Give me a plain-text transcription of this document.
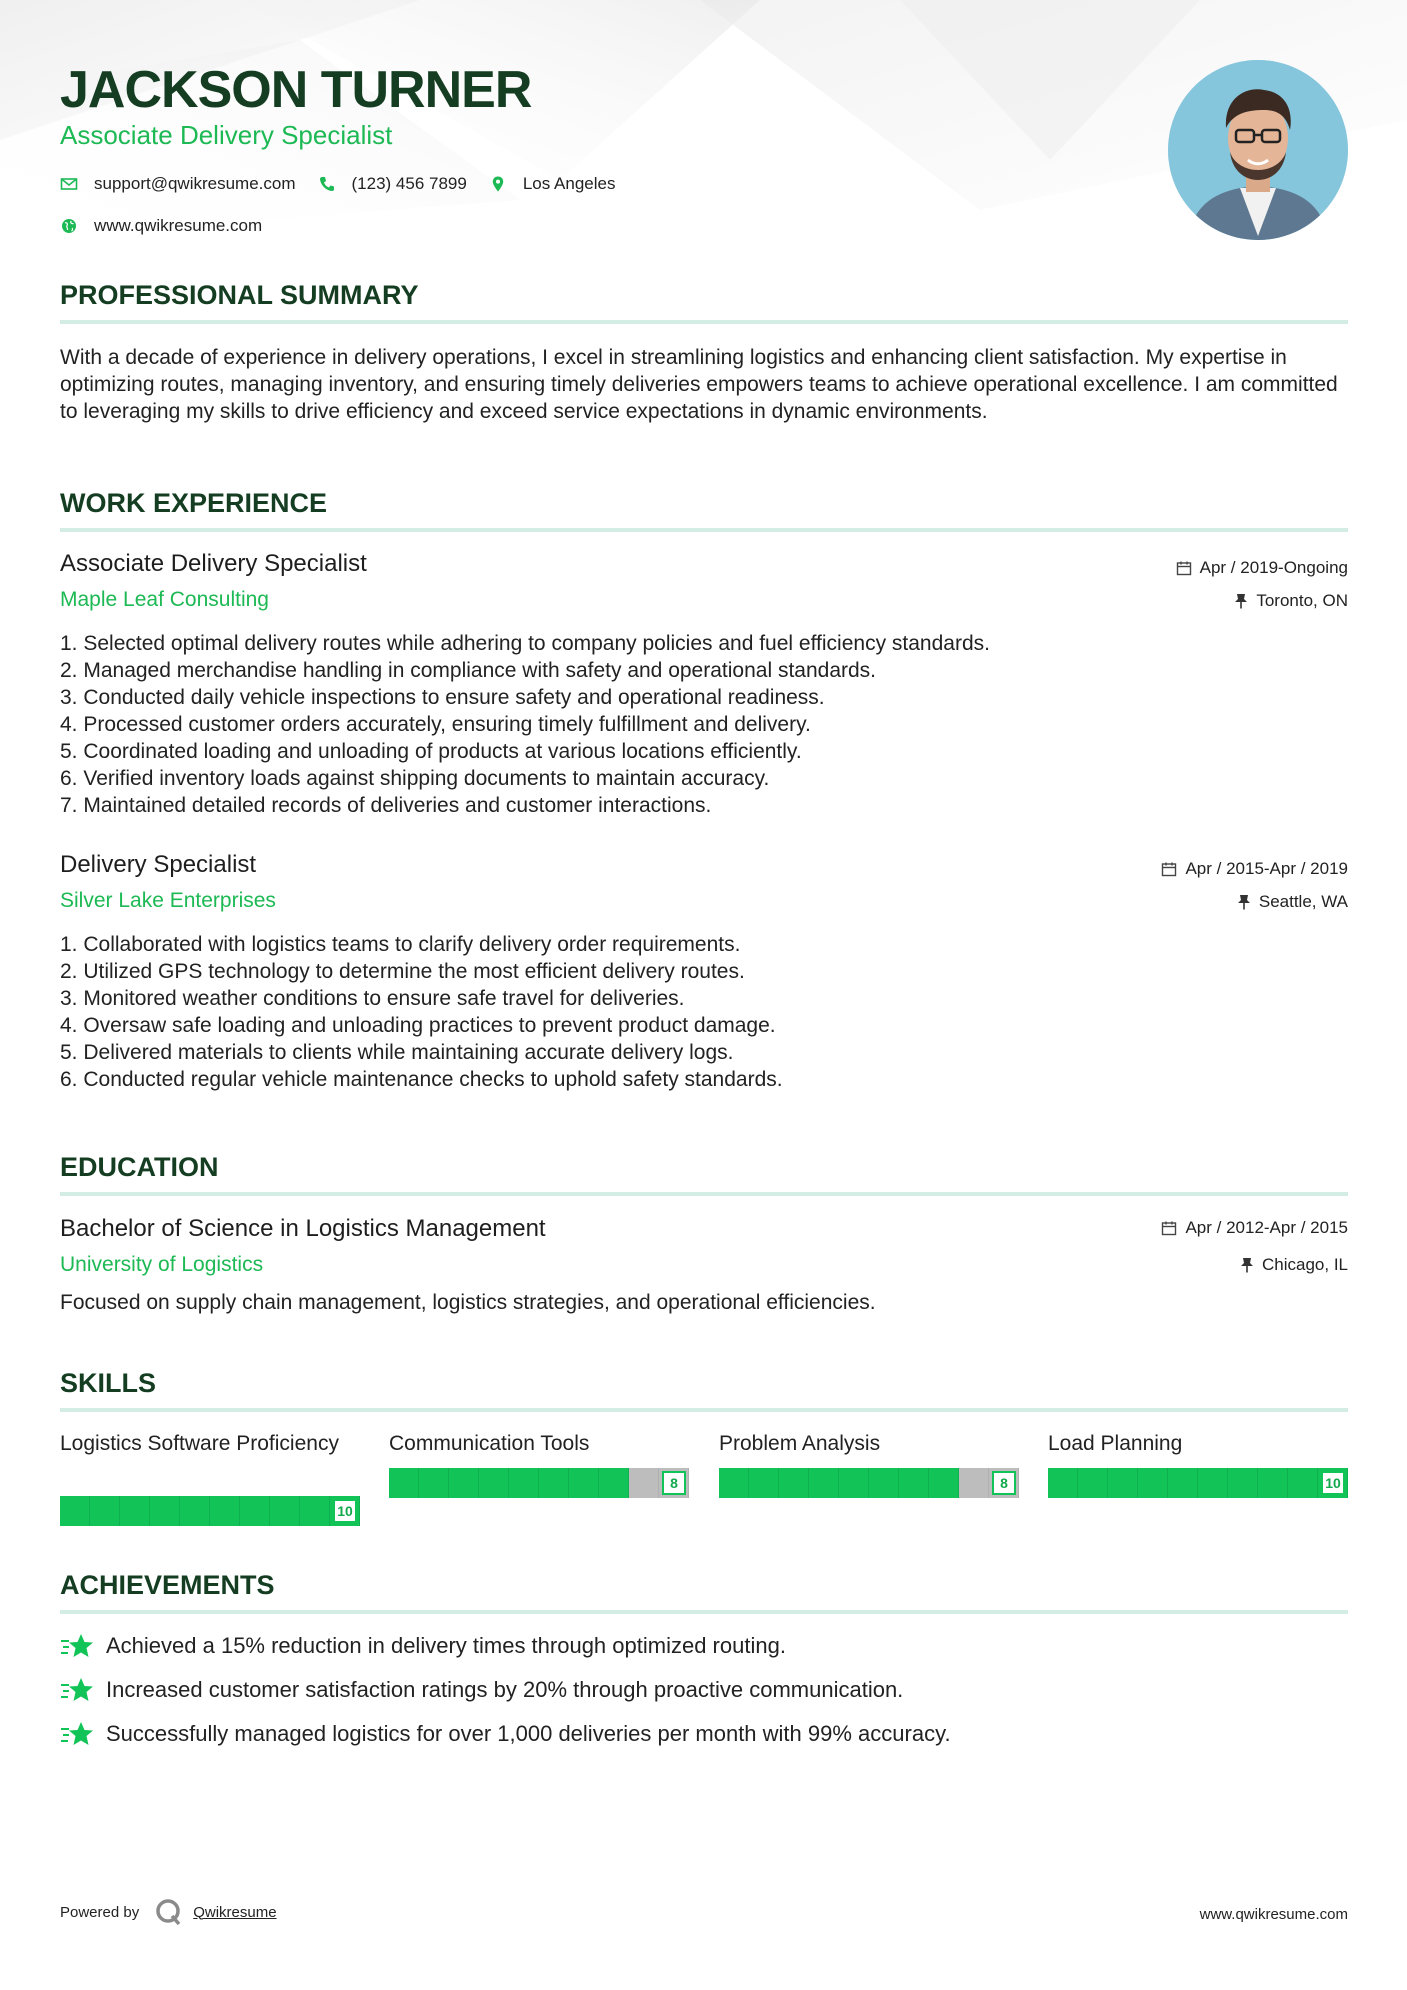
JACKSON TURNER
Associate Delivery Specialist
support@qwikresume.com	(123) 456 7899	Los Angeles
www.qwikresume.com
PROFESSIONAL SUMMARY
With a decade of experience in delivery operations, I excel in streamlining logistics and enhancing client satisfaction. My expertise in optimizing routes, managing inventory, and ensuring timely deliveries empowers teams to achieve operational excellence. I am committed to leveraging my skills to drive efficiency and exceed service expectations in dynamic environments.
WORK EXPERIENCE
Associate Delivery Specialist
Maple Leaf Consulting
Apr / 2019-Ongoing
Toronto, ON
1. Selected optimal delivery routes while adhering to company policies and fuel efficiency standards.
2. Managed merchandise handling in compliance with safety and operational standards.
3. Conducted daily vehicle inspections to ensure safety and operational readiness.
4. Processed customer orders accurately, ensuring timely fulfillment and delivery.
5. Coordinated loading and unloading of products at various locations efficiently.
6. Verified inventory loads against shipping documents to maintain accuracy.
7. Maintained detailed records of deliveries and customer interactions.
Delivery Specialist
Silver Lake Enterprises
Apr / 2015-Apr / 2019
Seattle, WA
1. Collaborated with logistics teams to clarify delivery order requirements.
2. Utilized GPS technology to determine the most efficient delivery routes.
3. Monitored weather conditions to ensure safe travel for deliveries.
4. Oversaw safe loading and unloading practices to prevent product damage.
5. Delivered materials to clients while maintaining accurate delivery logs.
6. Conducted regular vehicle maintenance checks to uphold safety standards.
EDUCATION
Bachelor of Science in Logistics Management
University of Logistics
Apr / 2012-Apr / 2015
Chicago, IL
Focused on supply chain management, logistics strategies, and operational efficiencies.
SKILLS
Logistics Software Proficiency
10
Communication Tools
8
Problem Analysis
8
Load Planning
10
ACHIEVEMENTS
Achieved a 15% reduction in delivery times through optimized routing.
Increased customer satisfaction ratings by 20% through proactive communication.
Successfully managed logistics for over 1,000 deliveries per month with 99% accuracy.
Powered by	Qwikresume	www.qwikresume.com
